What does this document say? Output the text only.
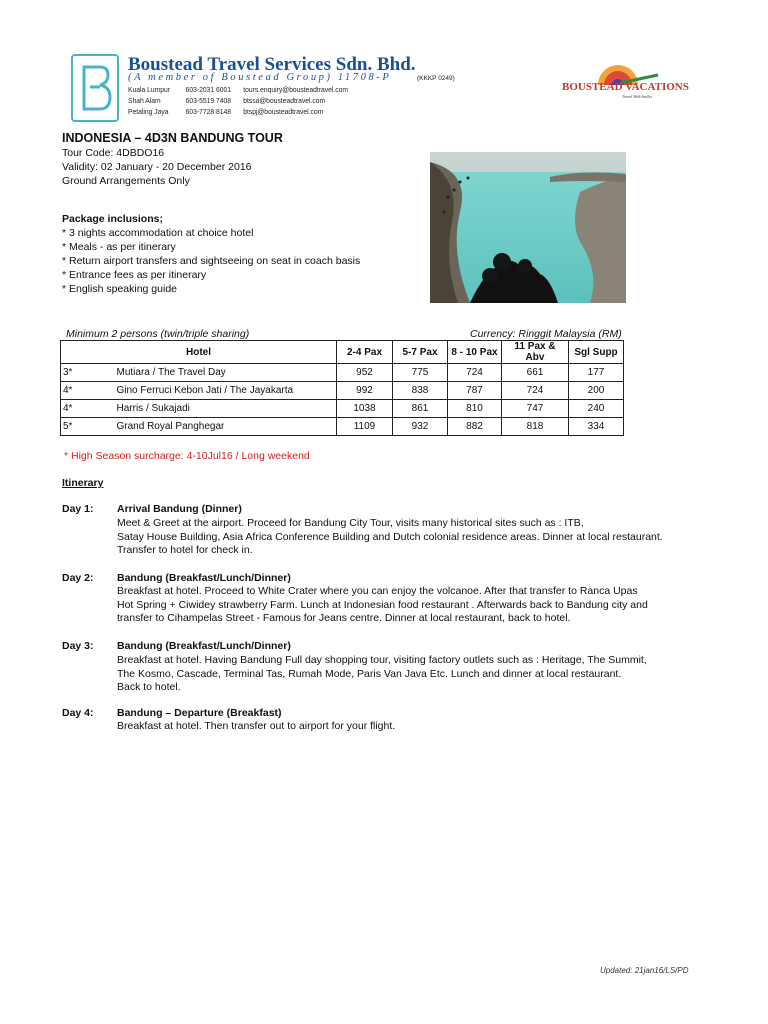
Boustead Travel Services Sdn. Bhd.
(A member of Boustead Group) 11708-P	(KKKP 0249)
Kuala Lumpur 603-2031 6001 tours.enquiry@bousteadtravel.com
Shah Alam	603-5519 7408 btssa@bousteadtravel.com
Petaling Jaya 603-7728 8148 btspj@bousteadtravel.com
BOUSTEAD VACATIONS
Travel With Smiles
INDONESIA – 4D3N BANDUNG TOUR
Tour Code: 4DBDO16
Validity: 02 January - 20 December 2016
Ground Arrangements Only
Package inclusions;
* 3 nights accommodation at choice hotel
* Meals - as per itinerary
* Return airport transfers and sightseeing on seat in coach basis
* Entrance fees as per itinerary
* English speaking guide
Minimum 2 persons (twin/triple sharing)	Currency: Ringgit Malaysia (RM)
Hotel		2-4 Pax	5-7 Pax	8 - 10 Pax	11 Pax & Abv	Sgl Supp
3*	Mutiara / The Travel Day	952	775	724	661	177
4*	Gino Ferruci Kebon Jati / The Jayakarta	992	838	787	724	200
4*	Harris / Sukajadi	1038	861	810	747	240
5*	Grand Royal Panghegar	1109	932	882	818	334
* High Season surcharge: 4-10Jul16 / Long weekend
Itinerary
Day 1: Arrival Bandung (Dinner)
Meet & Greet at the airport. Proceed for Bandung City Tour, visits many historical sites such as : ITB,
Satay House Building, Asia Africa Conference Building and Dutch colonial residence areas. Dinner at local restaurant.
Transfer to hotel for check in.
Day 2: Bandung (Breakfast/Lunch/Dinner)
Breakfast at hotel. Proceed to White Crater where you can enjoy the volcanoe. After that transfer to Ranca Upas
Hot Spring + Ciwidey strawberry Farm. Lunch at Indonesian food restaurant . Afterwards back to Bandung city and
transfer to Cihampelas Street - Famous for Jeans centre. Dinner at local restaurant, back to hotel.
Day 3: Bandung (Breakfast/Lunch/Dinner)
Breakfast at hotel. Having Bandung Full day shopping tour, visiting factory outlets such as : Heritage, The Summit,
The Kosmo, Cascade, Terminal Tas, Rumah Mode, Paris Van Java Etc. Lunch and dinner at local restaurant.
Back to hotel.
Day 4: Bandung – Departure (Breakfast)
Breakfast at hotel. Then transfer out to airport for your flight.
Updated: 21jan16/LS/PD
